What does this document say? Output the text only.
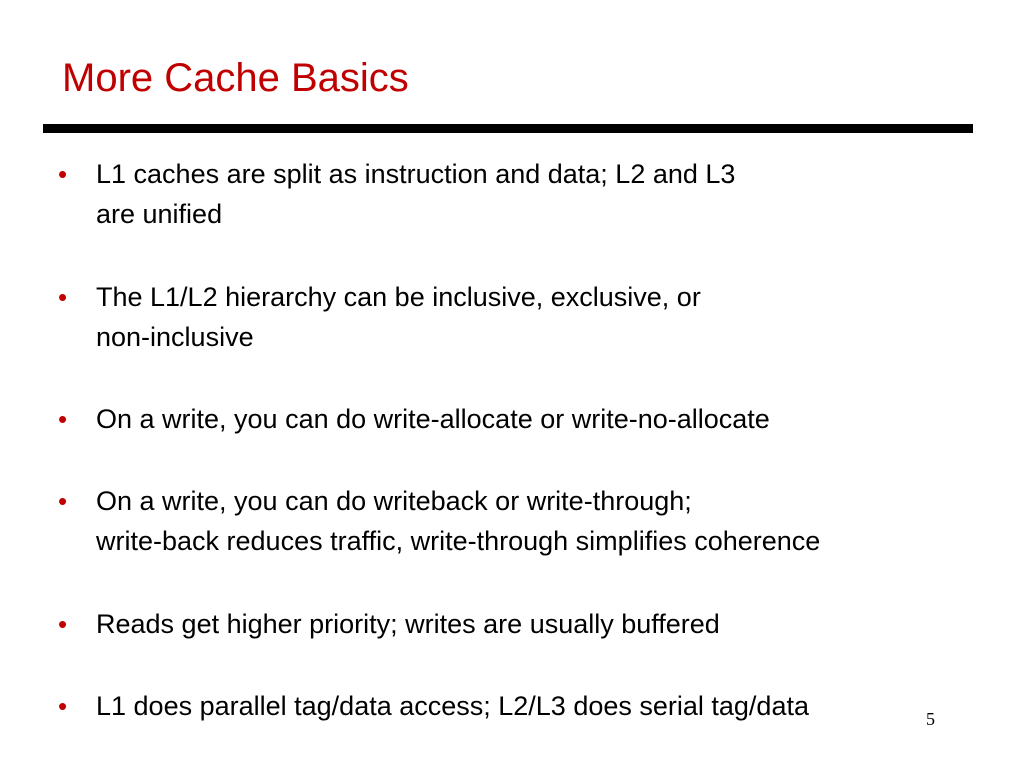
More Cache Basics
•	L1 caches are split as instruction and data; L2 and L3
are unified
•	The L1/L2 hierarchy can be inclusive, exclusive, or
non-inclusive
•	On a write, you can do write-allocate or write-no-allocate
•	On a write, you can do writeback or write-through;
write-back reduces traffic, write-through simplifies coherence
•	Reads get higher priority; writes are usually buffered
•	L1 does parallel tag/data access; L2/L3 does serial tag/data	5
